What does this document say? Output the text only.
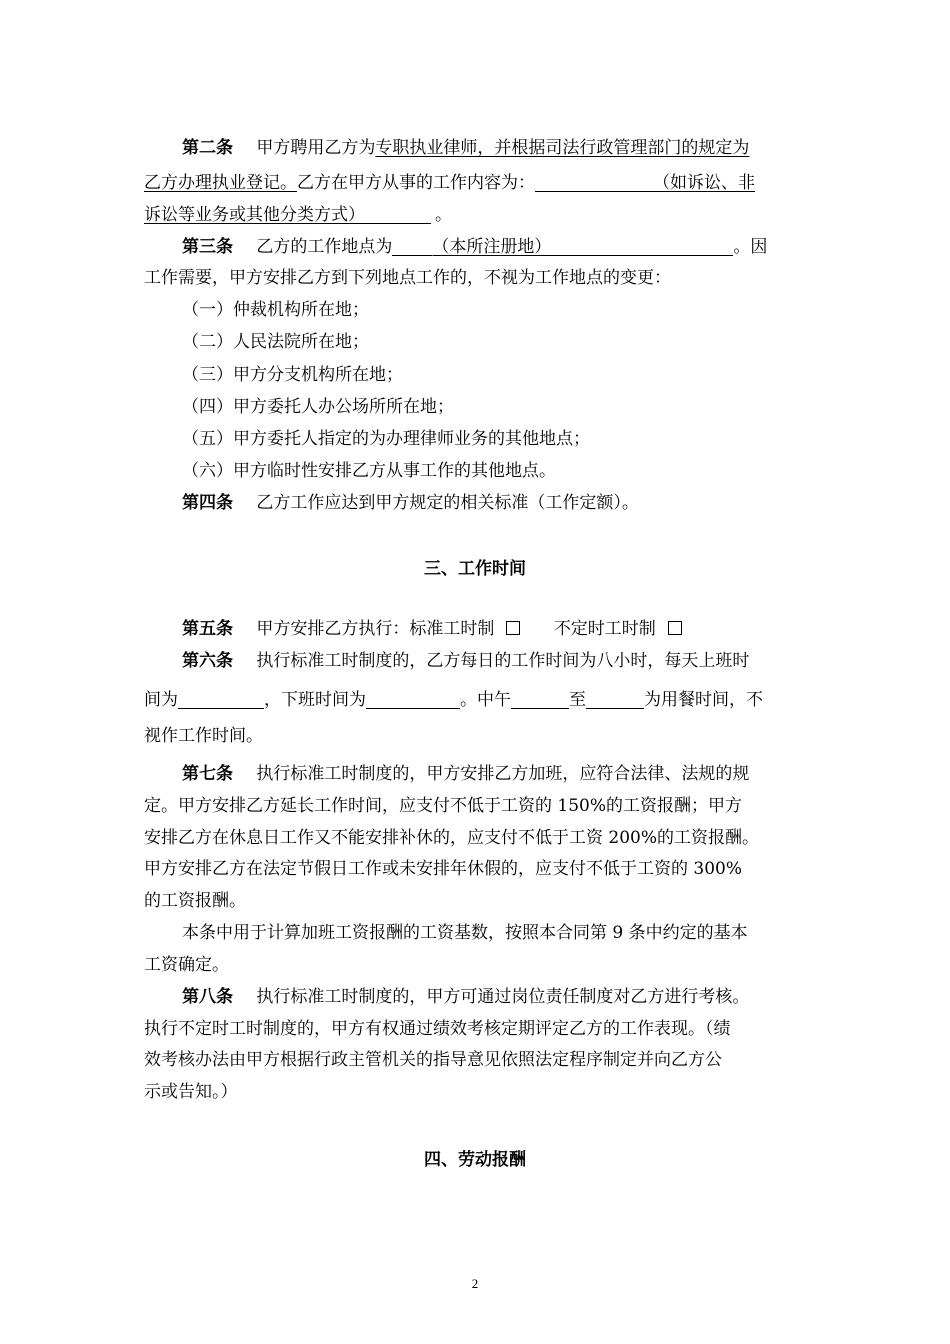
第二条 甲方聘用乙方为专职执业律师，并根据司法行政管理部门的规定为
乙方办理执业登记。乙方在甲方从事的工作内容为：	（如诉讼、非
诉讼等业务或其他分类方式）	。
第三条 乙方的工作地点为 （本所注册地）	。因
工作需要，甲方安排乙方到下列地点工作的，不视为工作地点的变更：
（一）仲裁机构所在地；
（二）人民法院所在地；
（三）甲方分支机构所在地；
（四）甲方委托人办公场所所在地；
（五）甲方委托人指定的为办理律师业务的其他地点；
（六）甲方临时性安排乙方从事工作的其他地点。
第四条 乙方工作应达到甲方规定的相关标准（工作定额）。
三、工作时间
第五条 甲方安排乙方执行：标准工时制	不定时工时制
第六条 执行标准工时制度的，乙方每日的工作时间为八小时，每天上班时
间为	，下班时间为	。中午	至	为用餐时间，不
视作工作时间。
第七条 执行标准工时制度的，甲方安排乙方加班，应符合法律、法规的规
定。甲方安排乙方延长工作时间，应支付不低于工资的 150%的工资报酬；甲方
安排乙方在休息日工作又不能安排补休的，应支付不低于工资 200%的工资报酬。
甲方安排乙方在法定节假日工作或未安排年休假的，应支付不低于工资的 300%
的工资报酬。
本条中用于计算加班工资报酬的工资基数，按照本合同第 9 条中约定的基本
工资确定。
第八条 执行标准工时制度的，甲方可通过岗位责任制度对乙方进行考核。
执行不定时工时制度的，甲方有权通过绩效考核定期评定乙方的工作表现。（绩
效考核办法由甲方根据行政主管机关的指导意见依照法定程序制定并向乙方公
示或告知。）
四、劳动报酬
2
